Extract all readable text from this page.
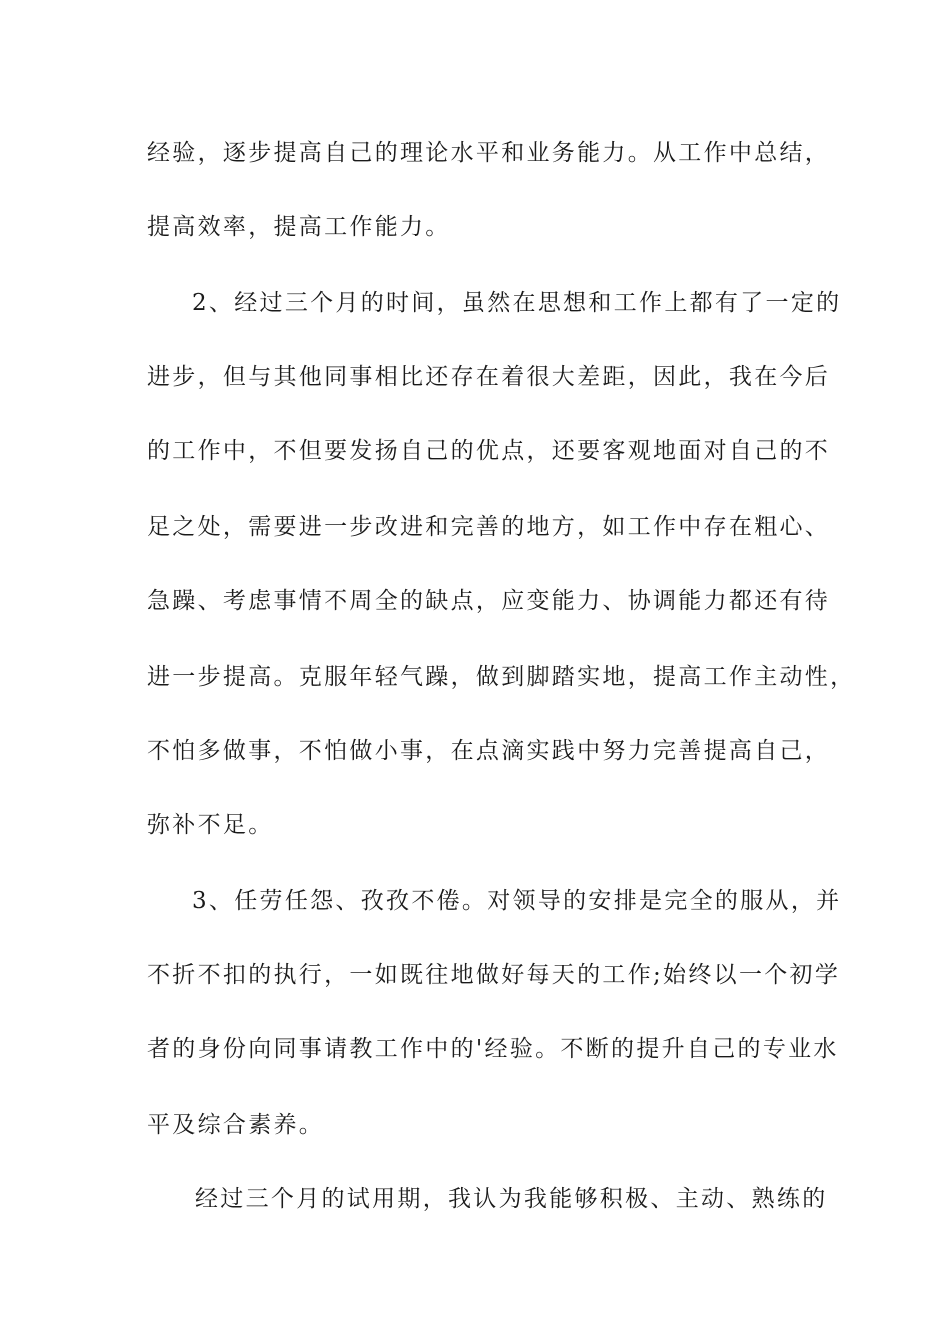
经验，逐步提高自己的理论水平和业务能力。从工作中总结，
提高效率，提高工作能力。
2、经过三个月的时间，虽然在思想和工作上都有了一定的
进步，但与其他同事相比还存在着很大差距，因此，我在今后
的工作中，不但要发扬自己的优点，还要客观地面对自己的不
足之处，需要进一步改进和完善的地方，如工作中存在粗心、
急躁、考虑事情不周全的缺点，应变能力、协调能力都还有待
进一步提高。克服年轻气躁，做到脚踏实地，提高工作主动性，
不怕多做事，不怕做小事，在点滴实践中努力完善提高自己，
弥补不足。
3、任劳任怨、孜孜不倦。对领导的安排是完全的服从，并
不折不扣的执行，一如既往地做好每天的工作;始终以一个初学
者的身份向同事请教工作中的'经验。不断的提升自己的专业水
平及综合素养。
经过三个月的试用期，我认为我能够积极、主动、熟练的
